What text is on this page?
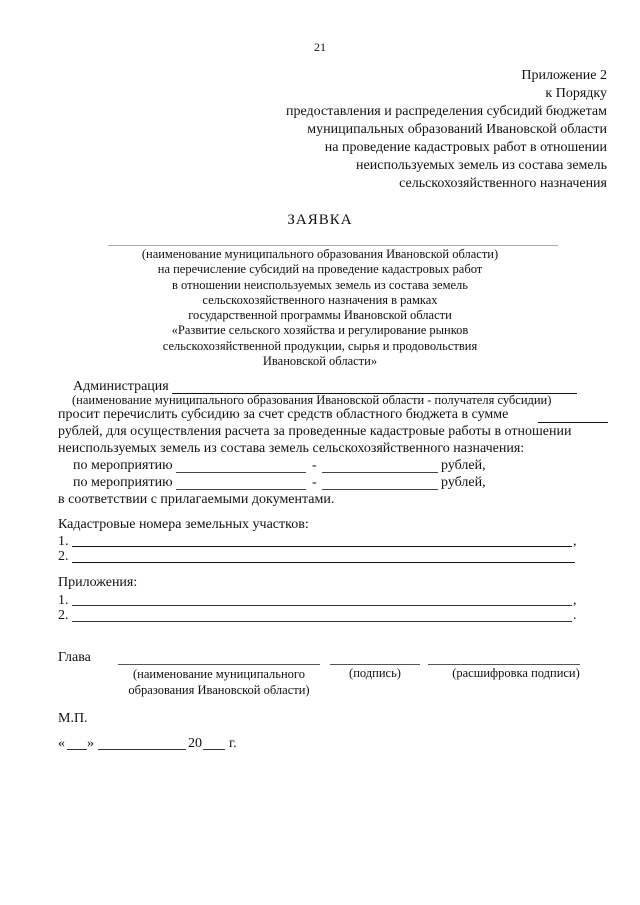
21
Приложение 2
к Порядку
предоставления и распределения субсидий бюджетам
муниципальных образований Ивановской области
на проведение кадастровых работ в отношении
неиспользуемых земель из состава земель
сельскохозяйственного назначения
ЗАЯВКА
(наименование муниципального образования Ивановской области)
на перечисление субсидий на проведение кадастровых работ
в отношении неиспользуемых земель из состава земель
сельскохозяйственного назначения в рамках
государственной программы Ивановской области
«Развитие сельского хозяйства и регулирование рынков
сельскохозяйственной продукции, сырья и продовольствия
Ивановской области»
Администрация
(наименование муниципального образования Ивановской области - получателя субсидии)
просит перечислить субсидию за счет средств областного бюджета в сумме
рублей, для осуществления расчета за проведенные кадастровые работы в отношении
неиспользуемых земель из состава земель сельскохозяйственного назначения:
по мероприятию	-	рублей,
по мероприятию	-	рублей,
в соответствии с прилагаемыми документами.
Кадастровые номера земельных участков:
1.	,
2.
Приложения:
1.	,
2.	.
Глава
(наименование муниципального
образования Ивановской области)
(подпись)	(расшифровка подписи)
М.П.
« »	20 г.
